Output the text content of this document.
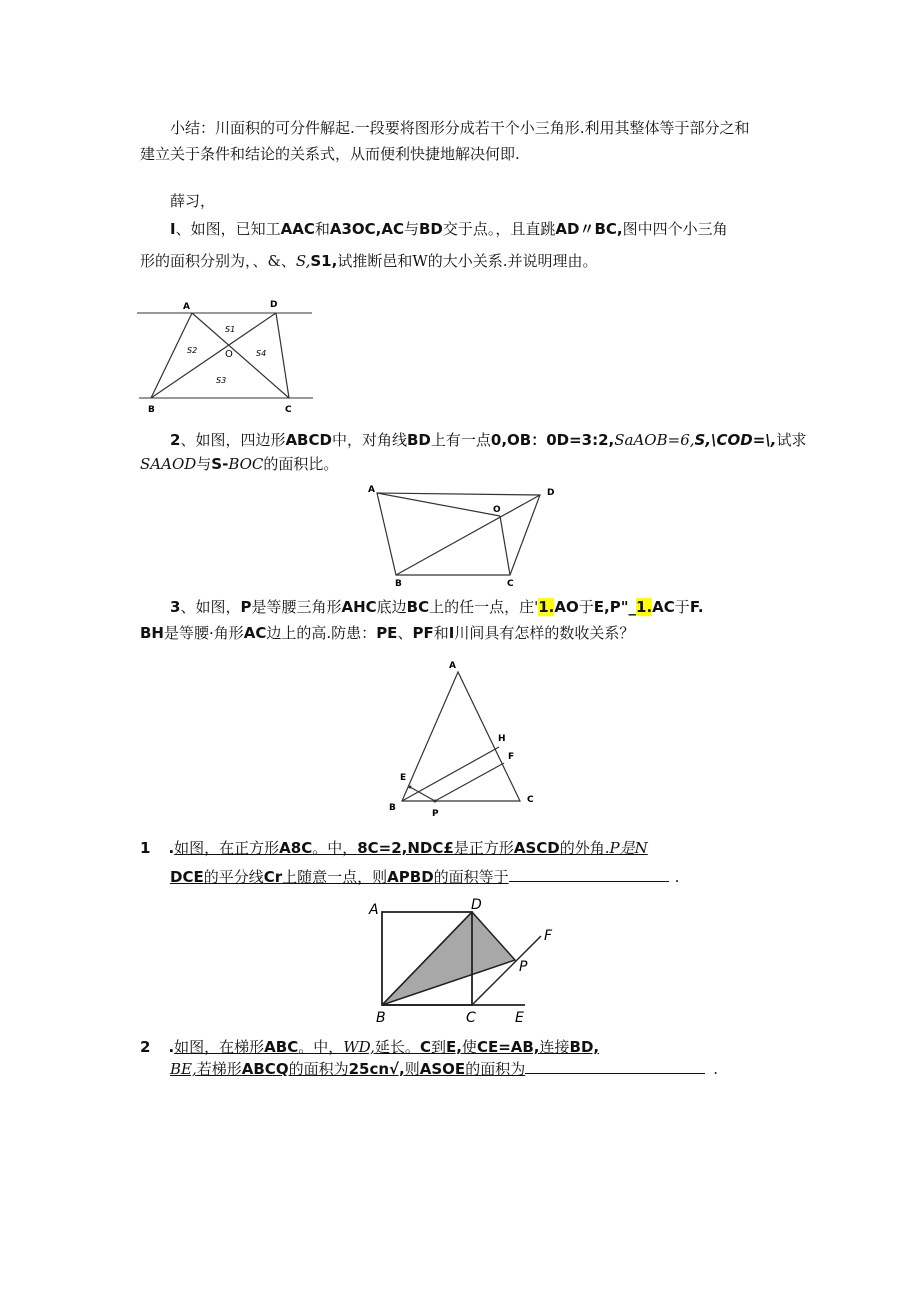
小结：川面积的可分件解起.一段要将图形分成若干个小三角形.利用其整体等于部分之和
建立关于条件和结论的关系式，从而便利快捷地解决何即.
薛习，
I、如图，已知工AAC和A3OC,AC与BD交于点。，且直跳AD〃BC,图中四个小三角
形的面积分别为，、&、S,S1,试推断邑和W的大小关系.并说明理由。
A	D
S1
S2	O	S4
S3
B	C
2、如图，四边形ABCD中，对角线BD上有一点0,OB：0D=3:2,SaAOB=6,S,\COD=\,试求
SAAOD与S-BOC的面积比。
A	D
O
B	C
3、如图，P是等腰三角形AHC底边BC上的任一点，庄'1.AO于E,P"_1.AC于F.
BH是等腰·角形AC边上的高.防患：PE、PF和I川间具有怎样的数收关系？
A
H
F
E
B
P
C
1 .如图，在正方形A8C。中，8C=2,NDC£是正方形ASCD的外角.P是N
DCE的平分线Cr上随意一点，则APBD的面积等于	.
A	D
F
P
B	C	E
2 .如图，在梯形ABC。中，WD,延长。C到E,使CE=AB,连接BD,
BE,若梯形ABCQ的面积为25cn√,则ASOE的面积为	.
